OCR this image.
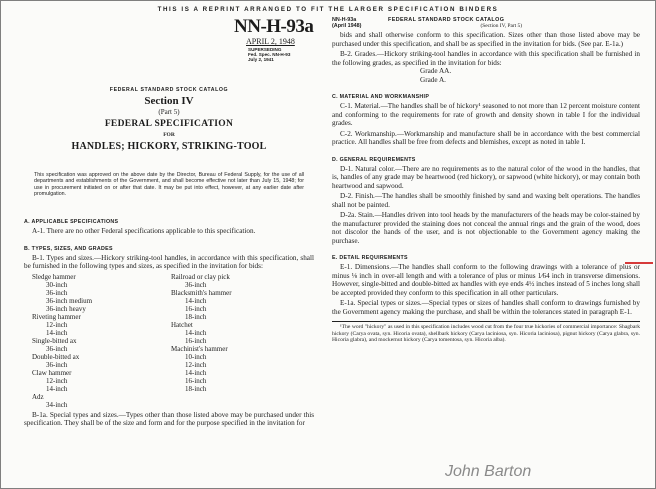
THIS IS A REPRINT ARRANGED TO FIT THE LARGER SPECIFICATION BINDERS
NN-H-93a
APRIL 2, 1948
SUPERSEDING
Fed. Spec. NN-H-93
July 2, 1941
FEDERAL STANDARD STOCK CATALOG
Section IV
(Part 5)
FEDERAL SPECIFICATION
FOR
HANDLES; HICKORY, STRIKING-TOOL
This specification was approved on the above date by the Director, Bureau of Federal Supply, for the use of all departments and establishments of the Government, and shall become effective not later than July 15, 1948; for use in procurement initiated on or after that date. It may be put into effect, however, at any earlier date after promulgation.
A. APPLICABLE SPECIFICATIONS
A-1. There are no other Federal specifications applicable to this specification.
B. TYPES, SIZES, AND GRADES
B-1. Types and sizes.—Hickory striking-tool handles, in accordance with this specification, shall be furnished in the following types and sizes, as specified in the invitation for bids:
Sledge hammer
30-inch
36-inch
36-inch medium
36-inch heavy
Riveting hammer
12-inch
14-inch
Single-bitted ax
36-inch
Double-bitted ax
36-inch
Claw hammer
12-inch
14-inch
Adz
34-inch
Railroad or clay pick
36-inch
Blacksmith's hammer
14-inch
16-inch
18-inch
Hatchet
14-inch
16-inch
Machinist's hammer
10-inch
12-inch
14-inch
16-inch
18-inch
B-1a. Special types and sizes.—Types other than those listed above may be purchased under this specification. They shall be of the size and form and for the purpose specified in the invitation for
NN-H-93a
(April 1948)
FEDERAL STANDARD STOCK CATALOG
(Section IV, Part 5)
bids and shall otherwise conform to this specification. Sizes other than those listed above may be purchased under this specification, and shall be as specified in the invitation for bids. (See par. E-1a.)
B-2. Grades.—Hickory striking-tool handles in accordance with this specification shall be furnished in the following grades, as specified in the invitation for bids:
Grade AA.
Grade A.
C. MATERIAL AND WORKMANSHIP
C-1. Material.—The handles shall be of hickory¹ seasoned to not more than 12 percent moisture content and conforming to the requirements for rate of growth and density shown in table I for the individual grades.
C-2. Workmanship.—Workmanship and manufacture shall be in accordance with the best commercial practice. All handles shall be free from defects and blemishes, except as noted in table I.
D. GENERAL REQUIREMENTS
D-1. Natural color.—There are no requirements as to the natural color of the wood in the handles, that is, handles of any grade may be heartwood (red hickory), or sapwood (white hickory), or may contain both heartwood and sapwood.
D-2. Finish.—The handles shall be smoothly finished by sand and waxing belt operations. The handles shall not be painted.
D-2a. Stain.—Handles driven into tool heads by the manufacturers of the heads may be color-stained by the manufacturer provided the staining does not conceal the annual rings and the grain of the wood, does not discolor the hands of the user, and is not objectionable to the Government agency making the purchase.
E. DETAIL REQUIREMENTS
E-1. Dimensions.—The handles shall conform to the following drawings with a tolerance of plus or minus ⅛ inch in over-all length and with a tolerance of plus or minus 1⁄64 inch in transverse dimensions. However, single-bitted and double-bitted ax handles with eye ends 4½ inches instead of 5 inches long shall be accepted provided they conform to this specification in all other particulars.
E-1a. Special types or sizes.—Special types or sizes of handles shall conform to drawings furnished by the Government agency making the purchase, and shall be within the tolerances stated in paragraph E-1.
¹The word "hickory" as used in this specification includes wood cut from the four true hickories of commercial importance: Shagbark hickory (Carya ovata, syn. Hicoria ovata), shellbark hickory (Carya laciniosa, syn. Hicoria laciniosa), pignut hickory (Carya glabra, syn. Hicoria glabra), and mockernut hickory (Carya tomentosa, syn. Hicoria alba).
John Barton
